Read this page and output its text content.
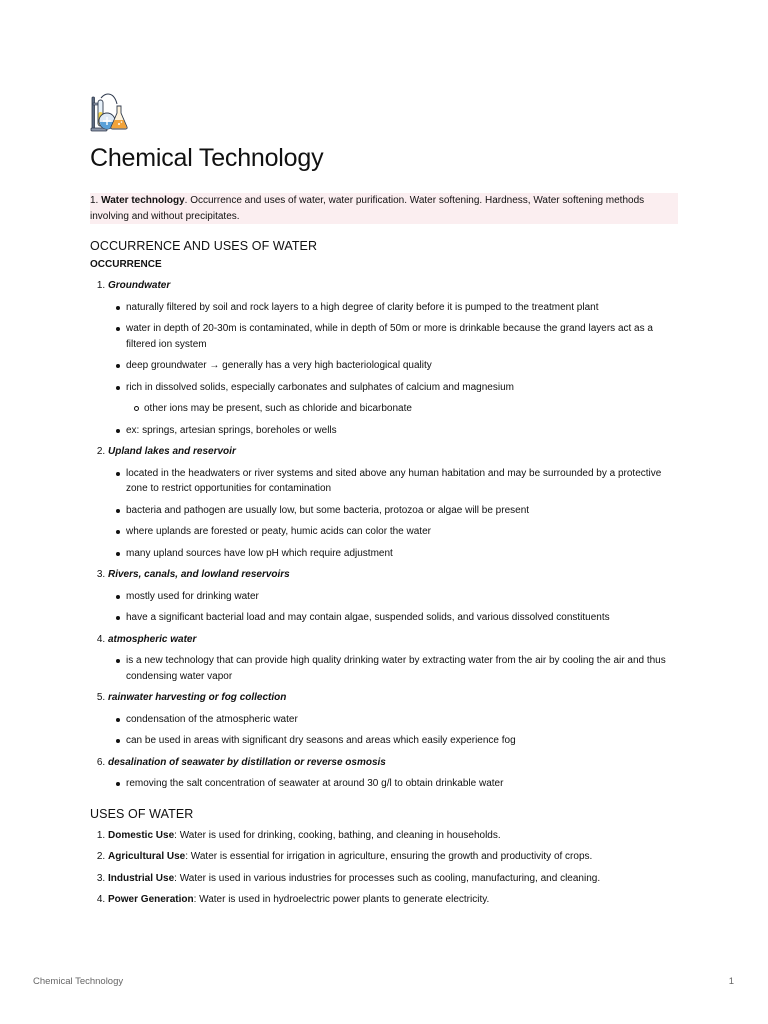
Chemical Technology
1. Water technology. Occurrence and uses of water, water purification. Water softening. Hardness, Water softening methods involving and without precipitates.
OCCURRENCE AND USES OF WATER
OCCURRENCE
1. Groundwater
naturally filtered by soil and rock layers to a high degree of clarity before it is pumped to the treatment plant
water in depth of 20-30m is contaminated, while in depth of 50m or more is drinkable because the grand layers act as a filtered ion system
deep groundwater → generally has a very high bacteriological quality
rich in dissolved solids, especially carbonates and sulphates of calcium and magnesium
other ions may be present, such as chloride and bicarbonate
ex: springs, artesian springs, boreholes or wells
2. Upland lakes and reservoir
located in the headwaters or river systems and sited above any human habitation and may be surrounded by a protective zone to restrict opportunities for contamination
bacteria and pathogen are usually low, but some bacteria, protozoa or algae will be present
where uplands are forested or peaty, humic acids can color the water
many upland sources have low pH which require adjustment
3. Rivers, canals, and lowland reservoirs
mostly used for drinking water
have a significant bacterial load and may contain algae, suspended solids, and various dissolved constituents
4. atmospheric water
is a new technology that can provide high quality drinking water by extracting water from the air by cooling the air and thus condensing water vapor
5. rainwater harvesting or fog collection
condensation of the atmospheric water
can be used in areas with significant dry seasons and areas which easily experience fog
6. desalination of seawater by distillation or reverse osmosis
removing the salt concentration of seawater at around 30 g/l to obtain drinkable water
USES OF WATER
1. Domestic Use: Water is used for drinking, cooking, bathing, and cleaning in households.
2. Agricultural Use: Water is essential for irrigation in agriculture, ensuring the growth and productivity of crops.
3. Industrial Use: Water is used in various industries for processes such as cooling, manufacturing, and cleaning.
4. Power Generation: Water is used in hydroelectric power plants to generate electricity.
Chemical Technology	1
